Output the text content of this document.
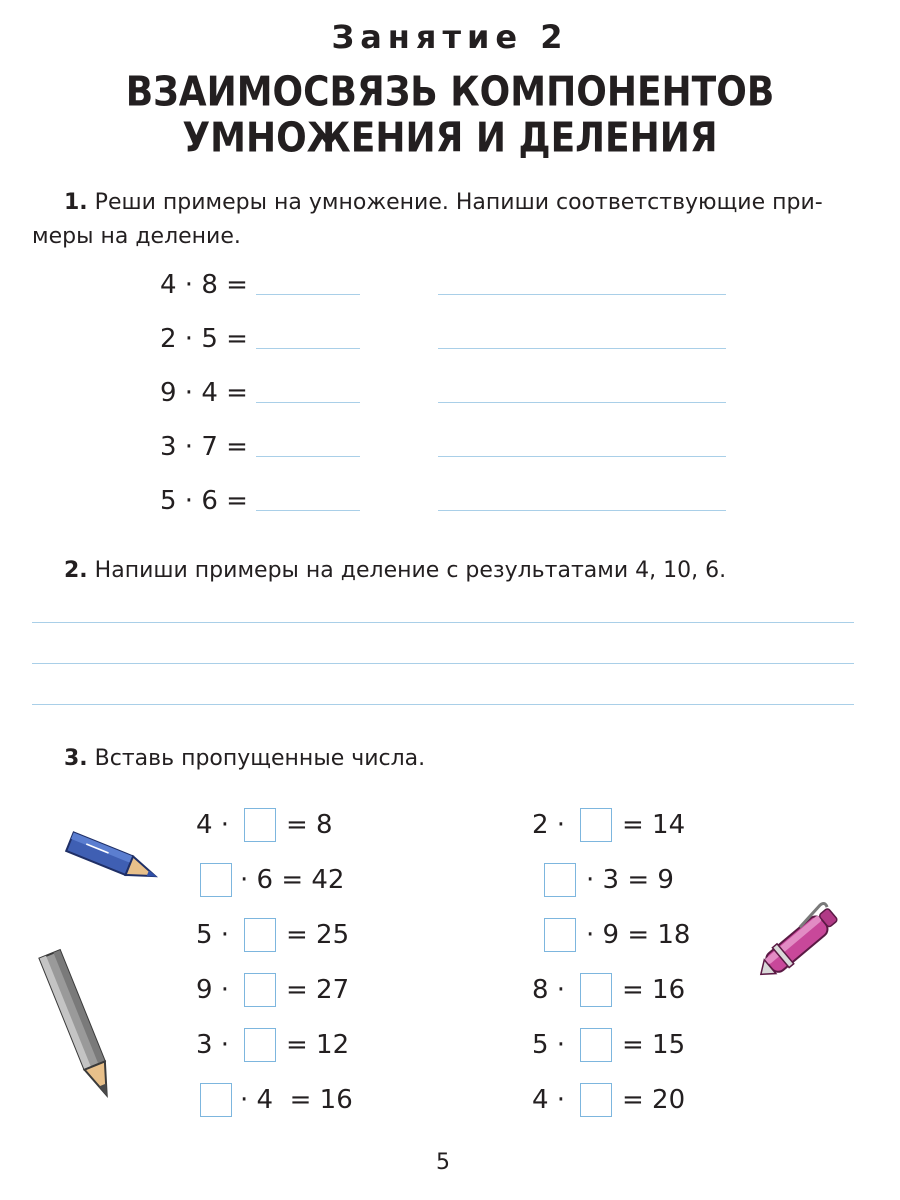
Занятие 2
ВЗАИМОСВЯЗЬ КОМПОНЕНТОВ
УМНОЖЕНИЯ И ДЕЛЕНИЯ
1. Реши примеры на умножение. Напиши соответствующие при-
меры на деление.
4 · 8 =
2 · 5 =
9 · 4 =
3 · 7 =
5 · 6 =
2. Напиши примеры на деление с результатами 4, 10, 6.
3. Вставь пропущенные числа.
4 · = 8
· 6 = 42
5 · = 25
9 · = 27
3 · = 12
· 4  = 16
2 · = 14
· 3 = 9
· 9 = 18
8 · = 16
5 · = 15
4 · = 20
5
